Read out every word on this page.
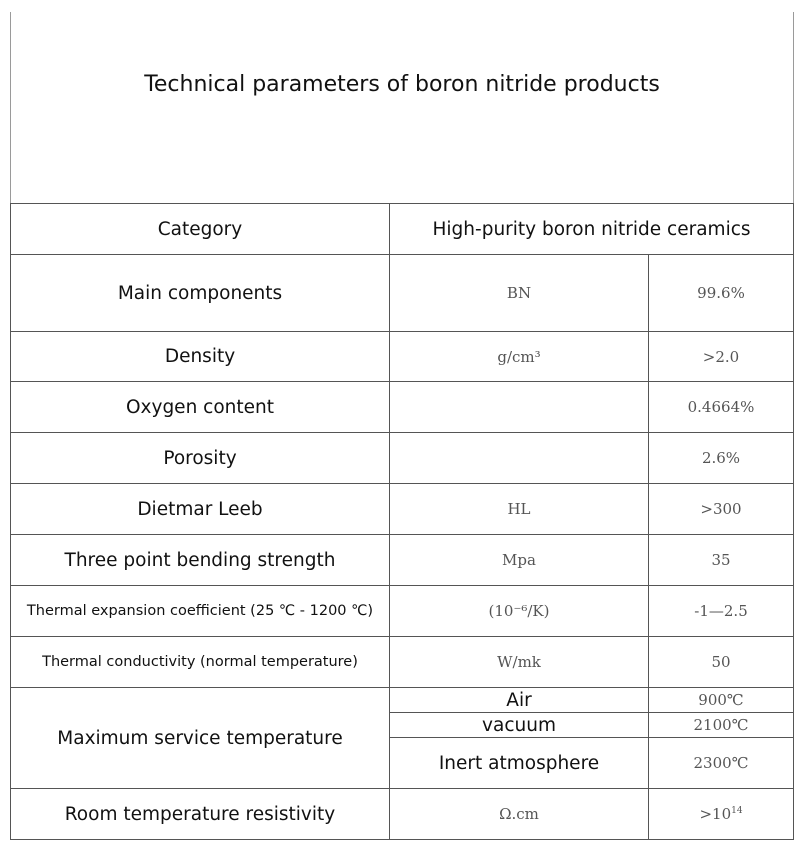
Technical parameters of boron nitride products
Category	High-purity boron nitride ceramics	
Main components	BN	99.6%
Density	g/cm³	>2.0
Oxygen content		0.4664%
Porosity		2.6%
Dietmar Leeb	HL	>300
Three point bending strength	Mpa	35
Thermal expansion coefficient (25 ℃ - 1200 ℃)	(10⁻⁶/K)	-1—2.5
Thermal conductivity (normal temperature)	W/mk	50
Maximum service temperature	Air	900℃
	vacuum	2100℃
	Inert atmosphere	2300℃
Room temperature resistivity	Ω.cm	$>10^{14}$
